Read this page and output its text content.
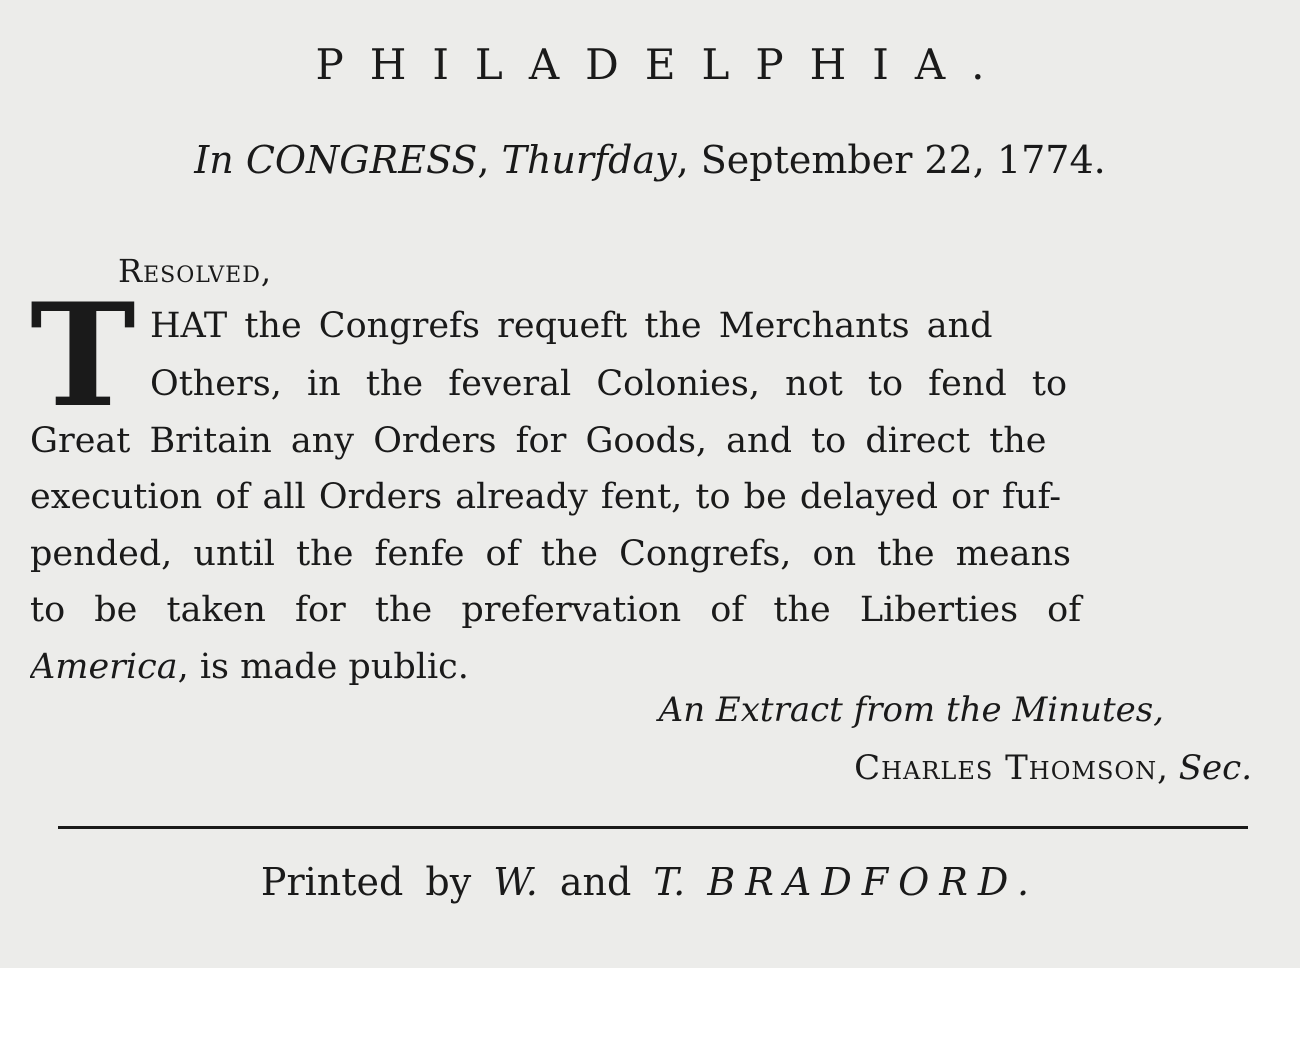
PHILADELPHIA.
In CONGRESS, Thurfday, September 22, 1774.
Resolved,
T HAT the Congrefs requeft the Merchants and
Others, in the feveral Colonies, not to fend to
Great Britain any Orders for Goods, and to direct the
execution of all Orders already fent, to be delayed or fuf-
pended, until the fenfe of the Congrefs, on the means
to be taken for the prefervation of the Liberties of
America, is made public.
An Extract from the Minutes,
Charles Thomson, Sec.
Printed by W. and T. BRADFORD.
